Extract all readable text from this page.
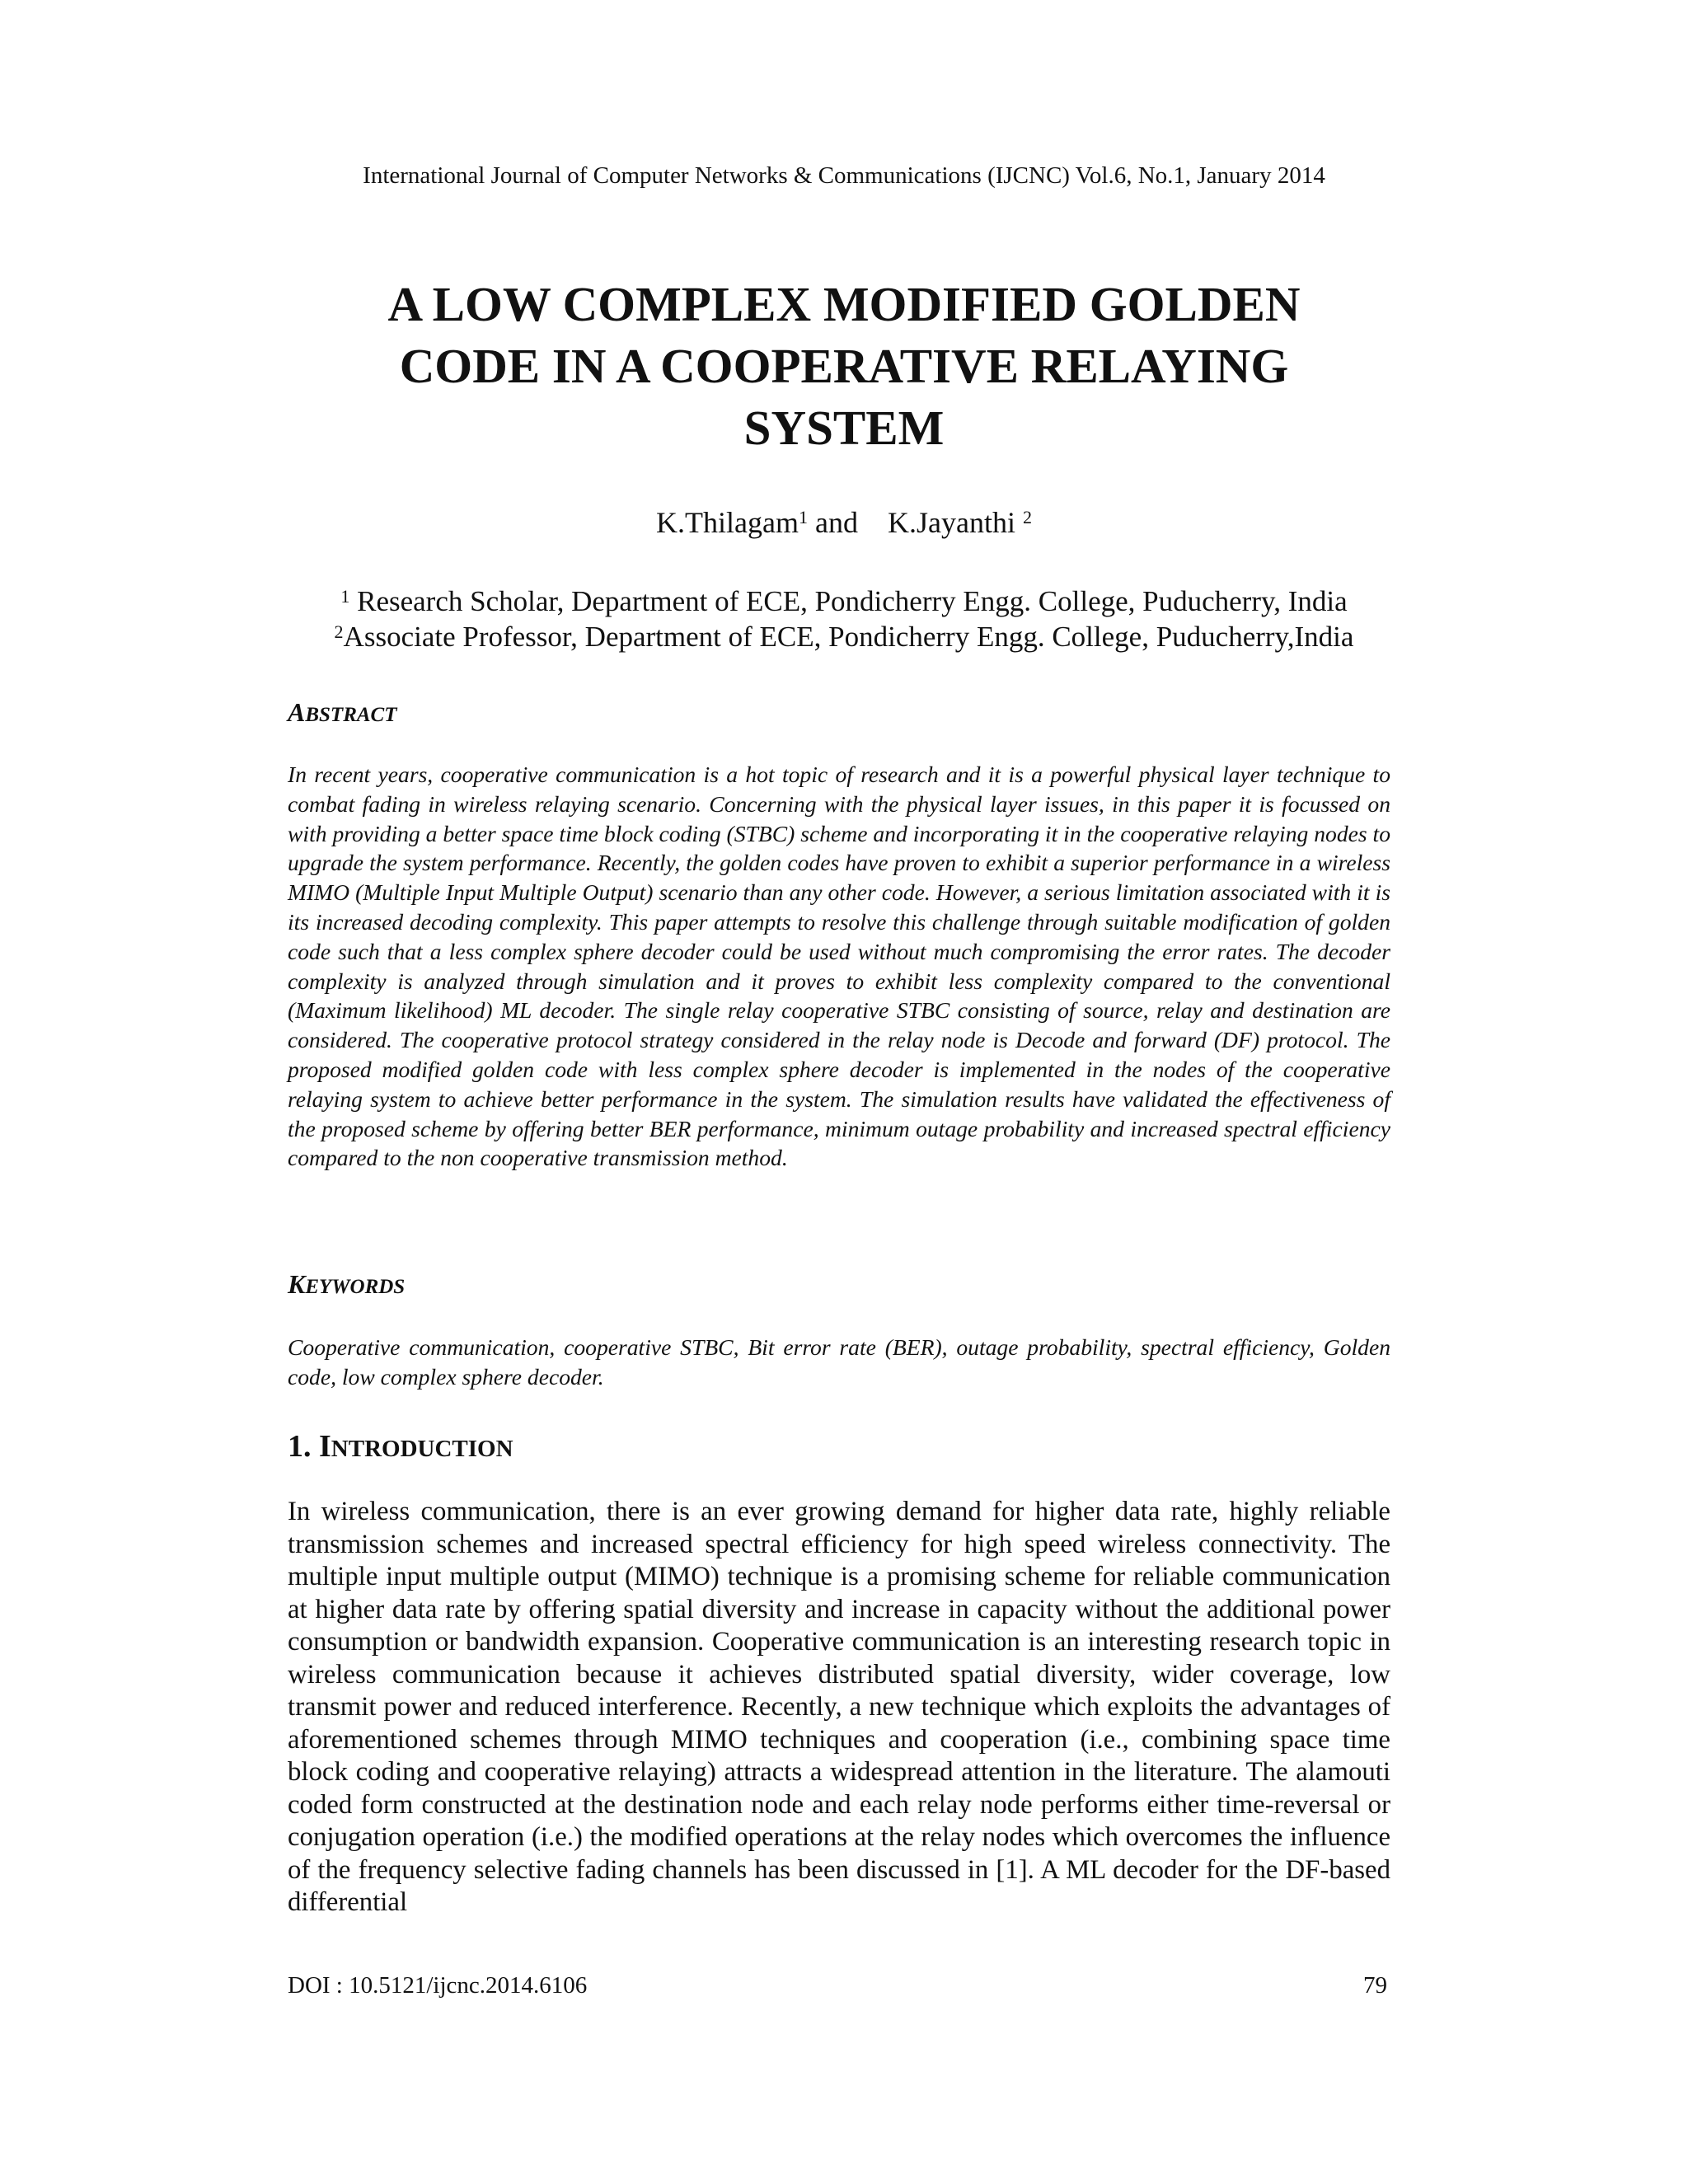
International Journal of Computer Networks & Communications (IJCNC) Vol.6, No.1, January 2014
A LOW COMPLEX MODIFIED GOLDEN
CODE IN A COOPERATIVE RELAYING
SYSTEM
K.Thilagam$^1$ and K.Jayanthi $^2$
$^1$ Research Scholar, Department of ECE, Pondicherry Engg. College, Puducherry, India
$^2$Associate Professor, Department of ECE, Pondicherry Engg. College, Puducherry,India
ABSTRACT

In recent years, cooperative communication is a hot topic of research and it is a powerful physical layer technique to combat fading in wireless relaying scenario. Concerning with the physical layer issues, in this paper it is focussed on with providing a better space time block coding (STBC) scheme and incorporating it in the cooperative relaying nodes to upgrade the system performance. Recently, the golden codes have proven to exhibit a superior performance in a wireless MIMO (Multiple Input Multiple Output) scenario than any other code. However, a serious limitation associated with it is its increased decoding complexity. This paper attempts to resolve this challenge through suitable modification of golden code such that a less complex sphere decoder could be used without much compromising the error rates. The decoder complexity is analyzed through simulation and it proves to exhibit less complexity compared to the conventional (Maximum likelihood) ML decoder. The single relay cooperative STBC consisting of source, relay and destination are considered. The cooperative protocol strategy considered in the relay node is Decode and forward (DF) protocol. The proposed modified golden code with less complex sphere decoder is implemented in the nodes of the cooperative relaying system to achieve better performance in the system. The simulation results have validated the effectiveness of the proposed scheme by offering better BER performance, minimum outage probability and increased spectral efficiency compared to the non cooperative transmission method.

KEYWORDS

Cooperative communication, cooperative STBC, Bit error rate (BER), outage probability, spectral efficiency, Golden code, low complex sphere decoder.

1. INTRODUCTION

In wireless communication, there is an ever growing demand for higher data rate, highly reliable transmission schemes and increased spectral efficiency for high speed wireless connectivity. The multiple input multiple output (MIMO) technique is a promising scheme for reliable communication at higher data rate by offering spatial diversity and increase in capacity without the additional power consumption or bandwidth expansion. Cooperative communication is an interesting research topic in wireless communication because it achieves distributed spatial diversity, wider coverage, low transmit power and reduced interference. Recently, a new technique which exploits the advantages of aforementioned schemes through MIMO techniques and cooperation (i.e., combining space time block coding and cooperative relaying) attracts a widespread attention in the literature. The alamouti coded form constructed at the destination node and each relay node performs either time-reversal or conjugation operation (i.e.) the modified operations at the relay nodes which overcomes the influence of the frequency selective fading channels has been discussed in [1]. A ML decoder for the DF-based differential

DOI : 10.5121/ijcnc.2014.6106	79
